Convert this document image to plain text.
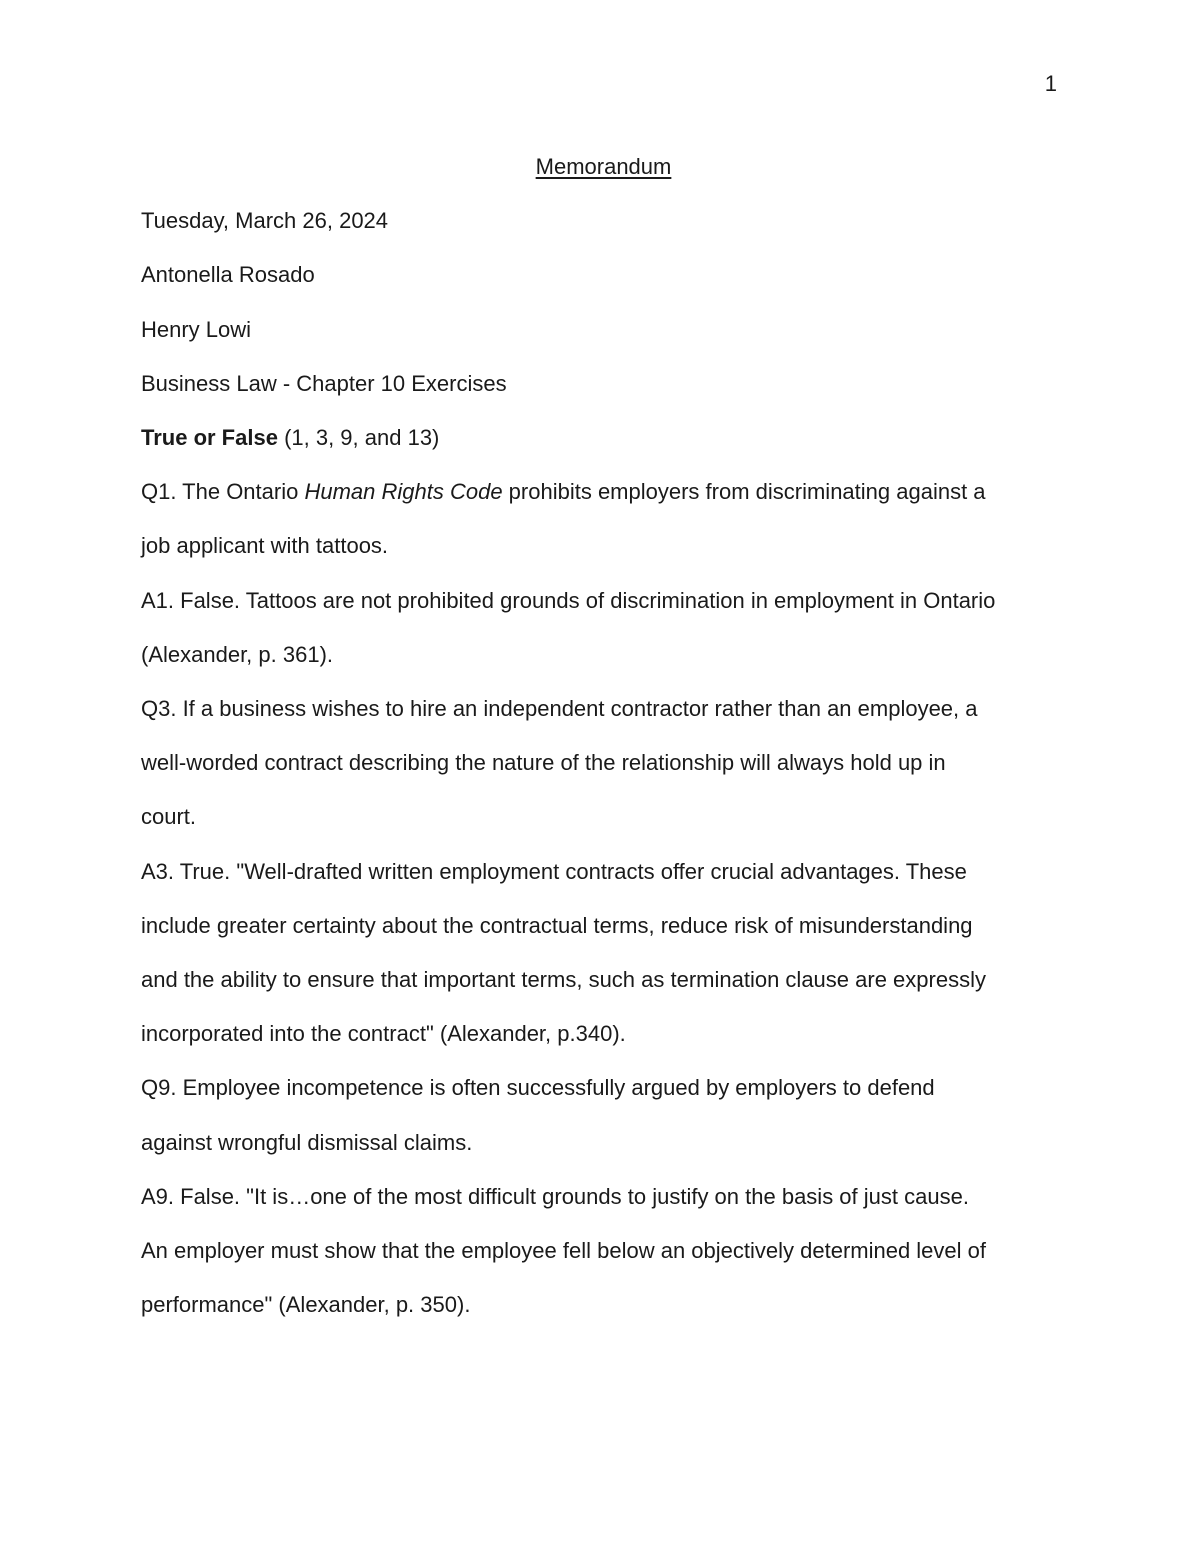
1

Memorandum

Tuesday, March 26, 2024

Antonella Rosado

Henry Lowi

Business Law - Chapter 10 Exercises

True or False (1, 3, 9, and 13)

Q1. The Ontario Human Rights Code prohibits employers from discriminating against a

job applicant with tattoos.

A1. False. Tattoos are not prohibited grounds of discrimination in employment in Ontario

(Alexander, p. 361).

Q3. If a business wishes to hire an independent contractor rather than an employee, a

well-worded contract describing the nature of the relationship will always hold up in

court.

A3. True. "Well-drafted written employment contracts offer crucial advantages. These

include greater certainty about the contractual terms, reduce risk of misunderstanding

and the ability to ensure that important terms, such as termination clause are expressly

incorporated into the contract" (Alexander, p.340).

Q9. Employee incompetence is often successfully argued by employers to defend

against wrongful dismissal claims.

A9. False. "It is…one of the most difficult grounds to justify on the basis of just cause.

An employer must show that the employee fell below an objectively determined level of

performance" (Alexander, p. 350).
